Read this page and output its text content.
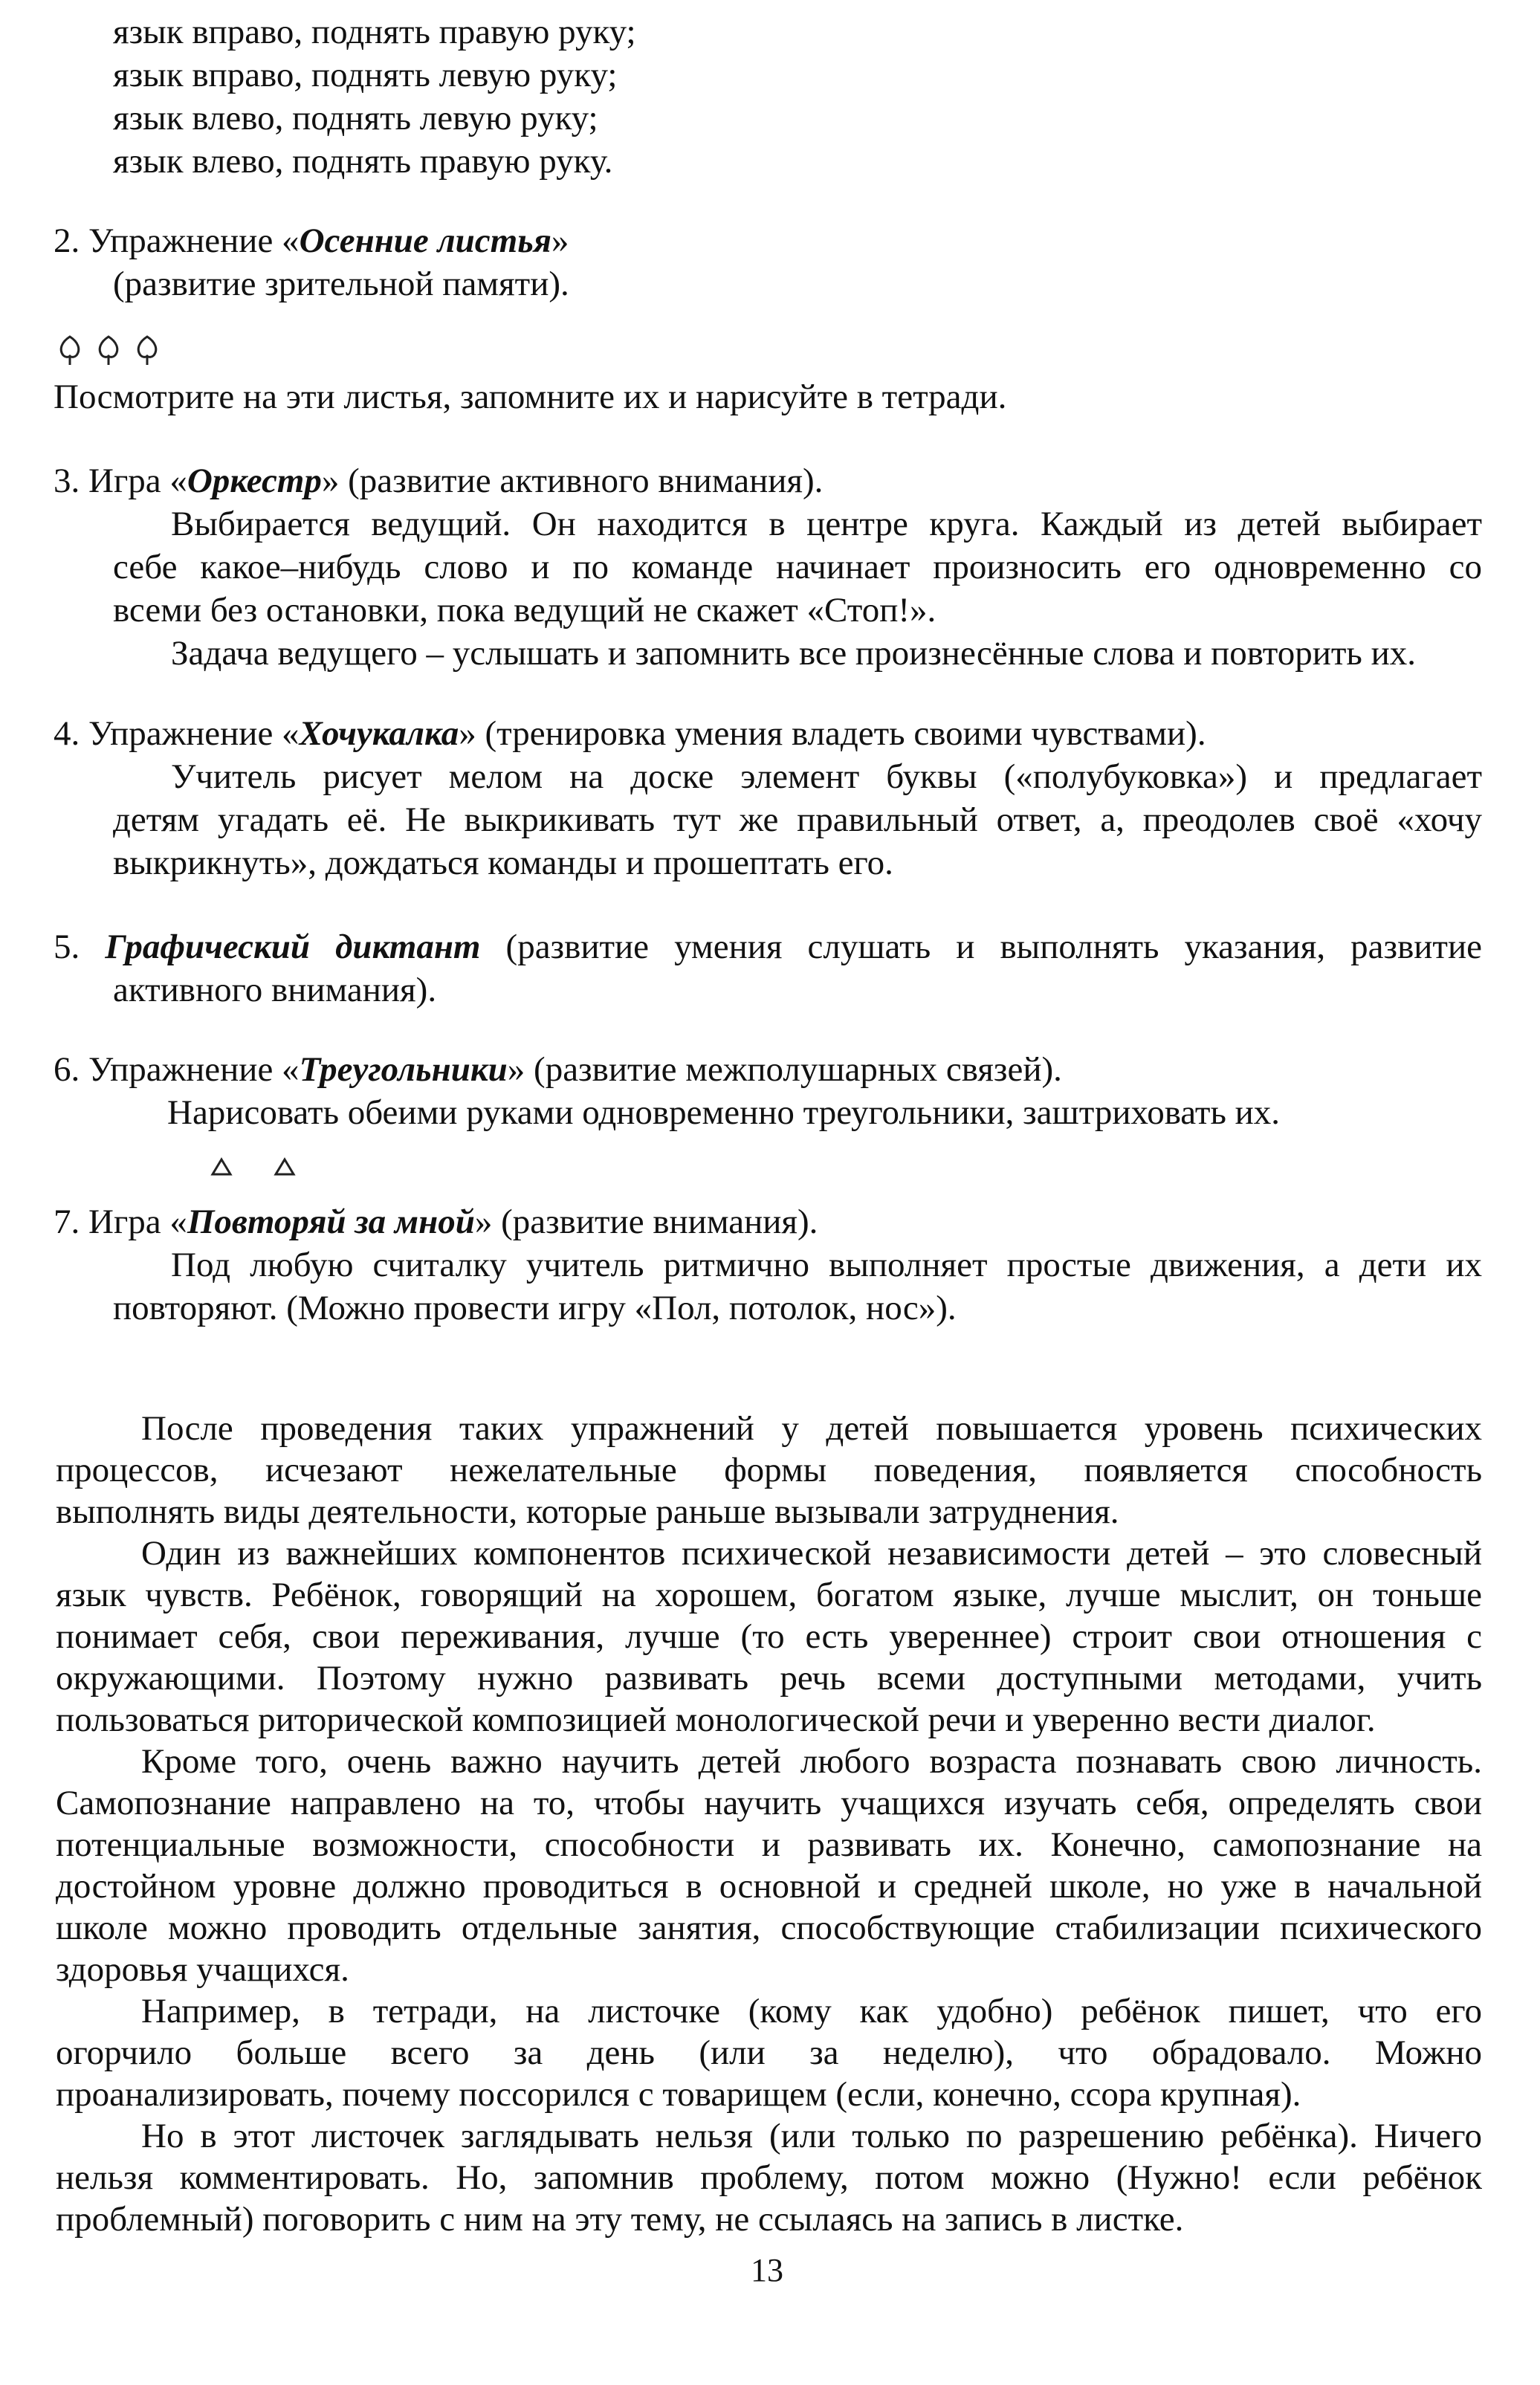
язык вправо, поднять правую руку;
язык вправо, поднять левую руку;
язык влево, поднять левую руку;
язык влево, поднять правую руку.
2. Упражнение «Осенние листья»
(развитие зрительной памяти).
Посмотрите на эти листья, запомните их и нарисуйте в тетради.
3. Игра «Оркестр» (развитие активного внимания).
Выбирается ведущий. Он находится в центре круга. Каждый из детей выбирает
себе какое–нибудь слово и по команде начинает произносить его одновременно со
всеми без остановки, пока ведущий не скажет «Стоп!».
Задача ведущего – услышать и запомнить все произнесённые слова и повторить их.
4. Упражнение «Хочукалка» (тренировка умения владеть своими чувствами).
Учитель рисует мелом на доске элемент буквы («полубуковка») и предлагает
детям угадать её. Не выкрикивать тут же правильный ответ, а, преодолев своё «хочу
выкрикнуть», дождаться команды и прошептать его.
5. Графический диктант (развитие умения слушать и выполнять указания, развитие
активного внимания).
6. Упражнение «Треугольники» (развитие межполушарных связей).
Нарисовать обеими руками одновременно треугольники, заштриховать их.
7. Игра «Повторяй за мной» (развитие внимания).
Под любую считалку учитель ритмично выполняет простые движения, а дети их
повторяют. (Можно провести игру «Пол, потолок, нос»).
После проведения таких упражнений у детей повышается уровень психических
процессов, исчезают нежелательные формы поведения, появляется способность
выполнять виды деятельности, которые раньше вызывали затруднения.
Один из важнейших компонентов психической независимости детей – это словесный
язык чувств. Ребёнок, говорящий на хорошем, богатом языке, лучше мыслит, он тоньше
понимает себя, свои переживания, лучше (то есть увереннее) строит свои отношения с
окружающими. Поэтому нужно развивать речь всеми доступными методами, учить
пользоваться риторической композицией монологической речи и уверенно вести диалог.
Кроме того, очень важно научить детей любого возраста познавать свою личность.
Самопознание направлено на то, чтобы научить учащихся изучать себя, определять свои
потенциальные возможности, способности и развивать их. Конечно, самопознание на
достойном уровне должно проводиться в основной и средней школе, но уже в начальной
школе можно проводить отдельные занятия, способствующие стабилизации психического
здоровья учащихся.
Например, в тетради, на листочке (кому как удобно) ребёнок пишет, что его
огорчило больше всего за день (или за неделю), что обрадовало. Можно
проанализировать, почему поссорился с товарищем (если, конечно, ссора крупная).
Но в этот листочек заглядывать нельзя (или только по разрешению ребёнка). Ничего
нельзя комментировать. Но, запомнив проблему, потом можно (Нужно! если ребёнок
проблемный) поговорить с ним на эту тему, не ссылаясь на запись в листке.
13
